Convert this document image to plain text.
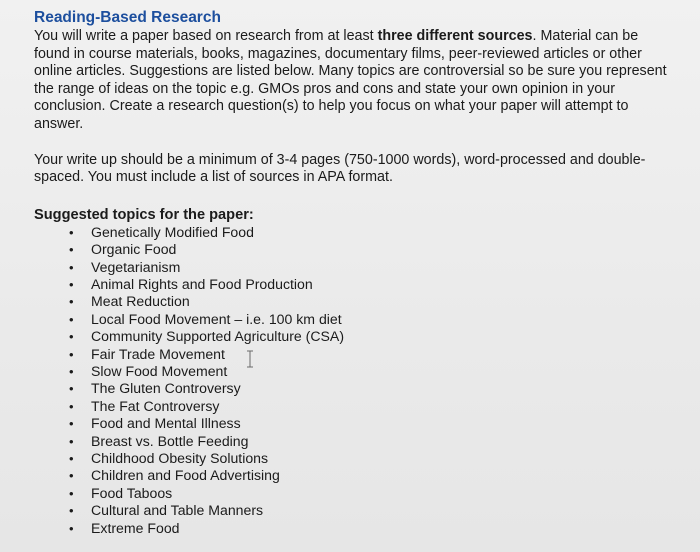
Reading-Based Research

You will write a paper based on research from at least three different sources. Material can be found in course materials, books, magazines, documentary films, peer-reviewed articles or other online articles. Suggestions are listed below. Many topics are controversial so be sure you represent the range of ideas on the topic e.g. GMOs pros and cons and state your own opinion in your conclusion. Create a research question(s) to help you focus on what your paper will attempt to answer.

Your write up should be a minimum of 3-4 pages (750-1000 words), word-processed and double- spaced. You must include a list of sources in APA format.

Suggested topics for the paper:

• Genetically Modified Food
• Organic Food
• Vegetarianism
• Animal Rights and Food Production
• Meat Reduction
• Local Food Movement – i.e. 100 km diet
• Community Supported Agriculture (CSA)
• Fair Trade Movement
• Slow Food Movement
• The Gluten Controversy
• The Fat Controversy
• Food and Mental Illness
• Breast vs. Bottle Feeding
• Childhood Obesity Solutions
• Children and Food Advertising
• Food Taboos
• Cultural and Table Manners
• Extreme Food
